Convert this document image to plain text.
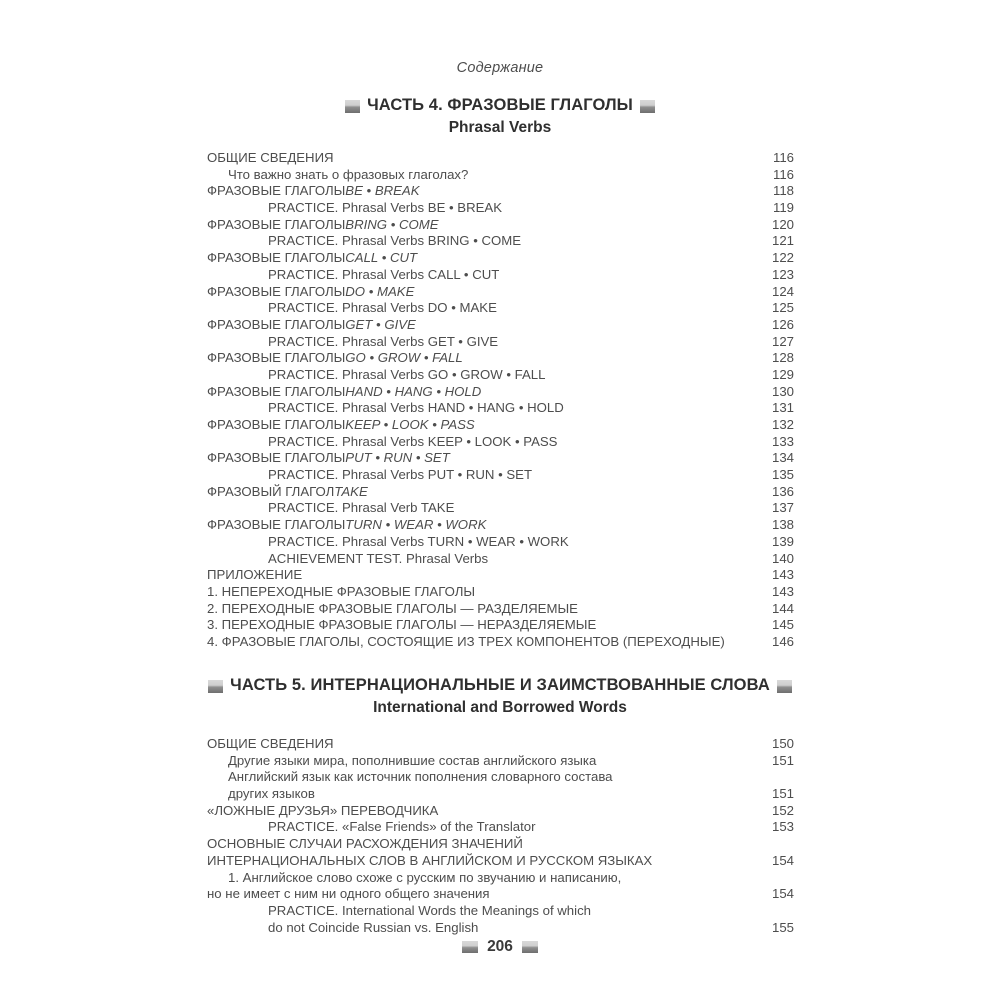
Содержание
ЧАСТЬ 4. ФРАЗОВЫЕ ГЛАГОЛЫ
Phrasal Verbs
ОБЩИЕ СВЕДЕНИЯ	116
Что важно знать о фразовых глаголах?	116
ФРАЗОВЫЕ ГЛАГОЛЫBE • BREAK	118
PRACTICE. Phrasal Verbs BE • BREAK	119
ФРАЗОВЫЕ ГЛАГОЛЫBRING • COME	120
PRACTICE. Phrasal Verbs BRING • COME	121
ФРАЗОВЫЕ ГЛАГОЛЫCALL • CUT	122
PRACTICE. Phrasal Verbs CALL • CUT	123
ФРАЗОВЫЕ ГЛАГОЛЫDO • MAKE	124
PRACTICE. Phrasal Verbs DO • MAKE	125
ФРАЗОВЫЕ ГЛАГОЛЫGET • GIVE	126
PRACTICE. Phrasal Verbs GET • GIVE	127
ФРАЗОВЫЕ ГЛАГОЛЫGO • GROW • FALL	128
PRACTICE. Phrasal Verbs GO • GROW • FALL	129
ФРАЗОВЫЕ ГЛАГОЛЫHAND • HANG • HOLD	130
PRACTICE. Phrasal Verbs HAND • HANG • HOLD	131
ФРАЗОВЫЕ ГЛАГОЛЫKEEP • LOOK • PASS	132
PRACTICE. Phrasal Verbs KEEP • LOOK • PASS	133
ФРАЗОВЫЕ ГЛАГОЛЫPUT • RUN • SET	134
PRACTICE. Phrasal Verbs PUT • RUN • SET	135
ФРАЗОВЫЙ ГЛАГОЛTAKE	136
PRACTICE. Phrasal Verb TAKE	137
ФРАЗОВЫЕ ГЛАГОЛЫTURN • WEAR • WORK	138
PRACTICE. Phrasal Verbs TURN • WEAR • WORK	139
ACHIEVEMENT TEST. Phrasal Verbs	140
ПРИЛОЖЕНИЕ	143
1. НЕПЕРЕХОДНЫЕ ФРАЗОВЫЕ ГЛАГОЛЫ	143
2. ПЕРЕХОДНЫЕ ФРАЗОВЫЕ ГЛАГОЛЫ — РАЗДЕЛЯЕМЫЕ	144
3. ПЕРЕХОДНЫЕ ФРАЗОВЫЕ ГЛАГОЛЫ — НЕРАЗДЕЛЯЕМЫЕ	145
4. ФРАЗОВЫЕ ГЛАГОЛЫ, СОСТОЯЩИЕ ИЗ ТРЕХ КОМПОНЕНТОВ (ПЕРЕХОДНЫЕ)	146
ЧАСТЬ 5. ИНТЕРНАЦИОНАЛЬНЫЕ И ЗАИМСТВОВАННЫЕ СЛОВА
International and Borrowed Words
ОБЩИЕ СВЕДЕНИЯ	150
Другие языки мира, пополнившие состав английского языка	151
Английский язык как источник пополнения словарного состава
других языков	151
«ЛОЖНЫЕ ДРУЗЬЯ» ПЕРЕВОДЧИКА	152
PRACTICE. «False Friends» of the Translator	153
ОСНОВНЫЕ СЛУЧАИ РАСХОЖДЕНИЯ ЗНАЧЕНИЙ
ИНТЕРНАЦИОНАЛЬНЫХ СЛОВ В АНГЛИЙСКОМ И РУССКОМ ЯЗЫКАХ	154
1. Английское слово схоже с русским по звучанию и написанию,
но не имеет с ним ни одного общего значения	154
PRACTICE. International Words the Meanings of which
do not Coincide Russian vs. English	155
206
